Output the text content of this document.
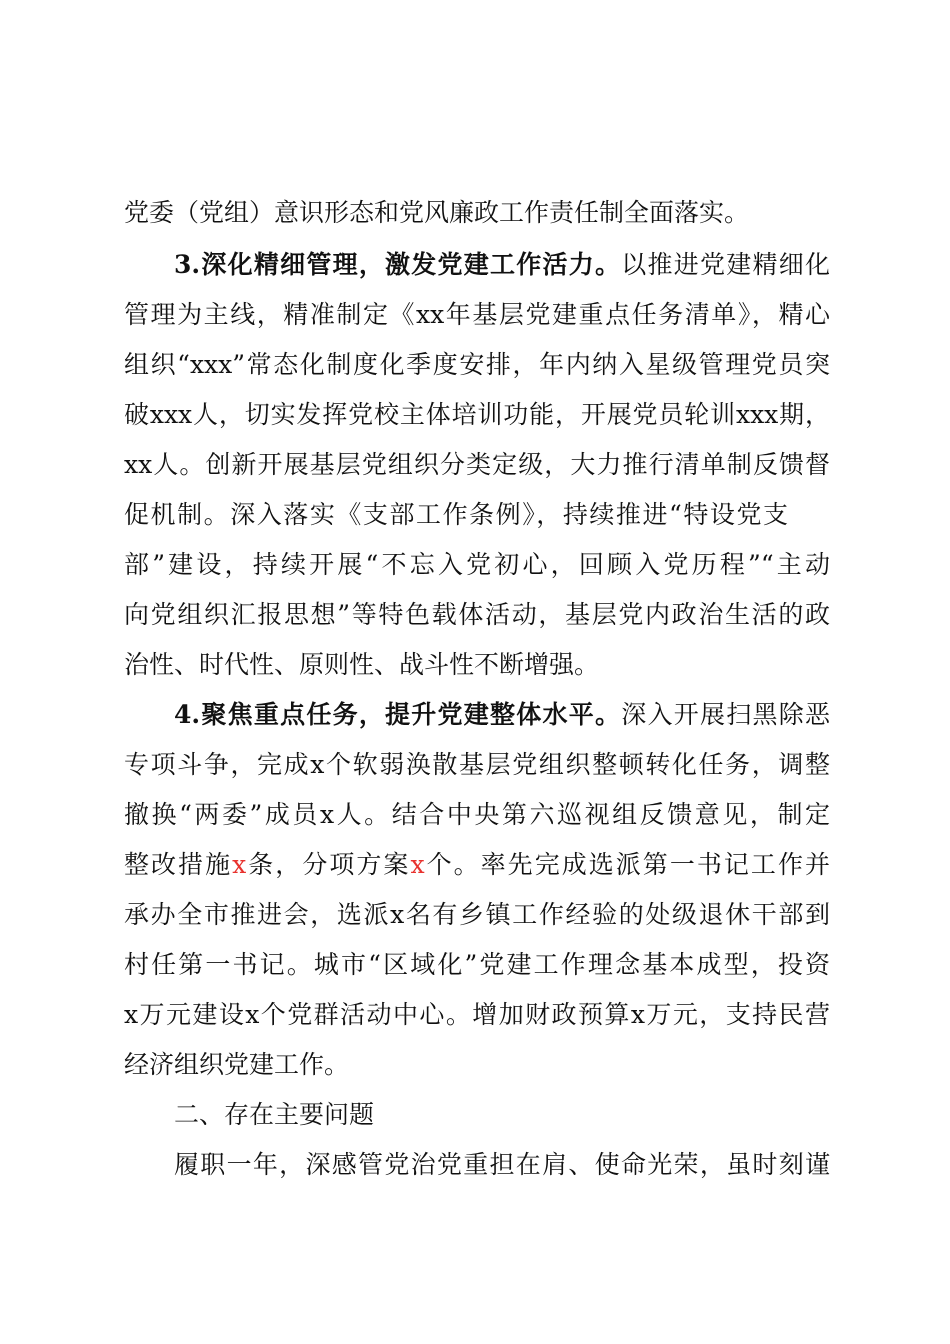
党委（党组）意识形态和党风廉政工作责任制全面落实。
3.深化精细管理，激发党建工作活力。以推进党建精细化
管理为主线，精准制定《xx年基层党建重点任务清单》，精心
组织“xxx”常态化制度化季度安排，年内纳入星级管理党员突
破xxx人，切实发挥党校主体培训功能，开展党员轮训xxx期，
xx人。创新开展基层党组织分类定级，大力推行清单制反馈督
促机制。深入落实《支部工作条例》，持续推进“特设党支
部”建设，持续开展“不忘入党初心，回顾入党历程”“主动
向党组织汇报思想”等特色载体活动，基层党内政治生活的政
治性、时代性、原则性、战斗性不断增强。
4.聚焦重点任务，提升党建整体水平。深入开展扫黑除恶
专项斗争，完成x个软弱涣散基层党组织整顿转化任务，调整
撤换“两委”成员x人。结合中央第六巡视组反馈意见，制定
整改措施x条，分项方案x个。率先完成选派第一书记工作并
承办全市推进会，选派x名有乡镇工作经验的处级退休干部到
村任第一书记。城市“区域化”党建工作理念基本成型，投资
x万元建设x个党群活动中心。增加财政预算x万元，支持民营
经济组织党建工作。
二、存在主要问题
履职一年，深感管党治党重担在肩、使命光荣，虽时刻谨
